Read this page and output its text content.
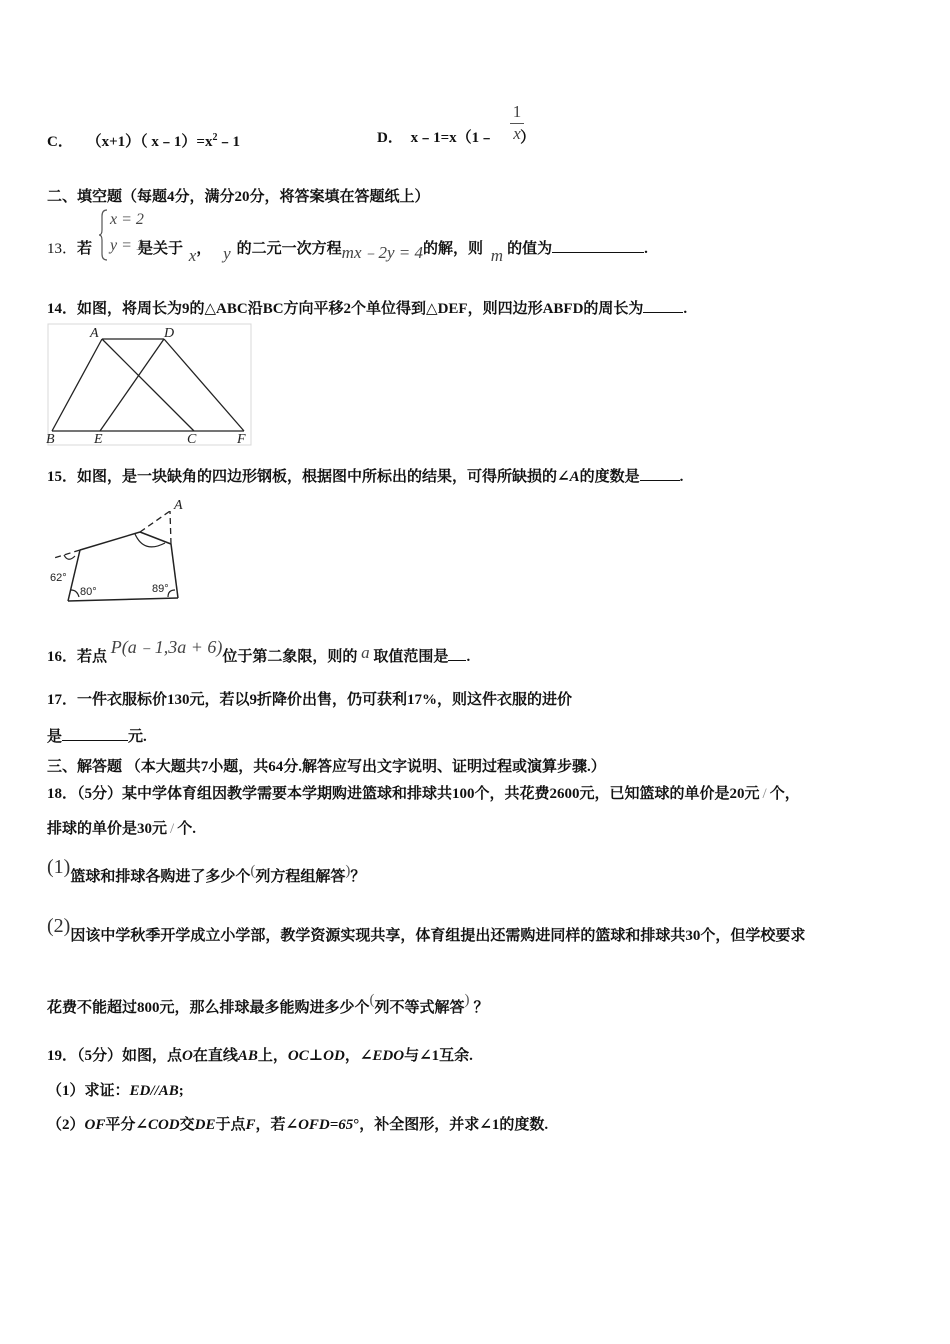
C． （x+1）（ $x﹣1)=x^2﹣1$	D． x﹣1=x（1﹣ ）
1
x
二、填空题（每题4分，满分20分，将答案填在答题纸上）
13．若	是关于 x， y 的二元一次方程mx﹣2y = 4的解，则 m 的值为	.
x = 2
y = 1
14．如图，将周长为9的△ABC沿BC方向平移2个单位得到△DEF，则四边形ABFD的周长为	.
A	D
B	E	C	F
15．如图，是一块缺角的四边形钢板，根据图中所标出的结果，可得所缺损的∠A的度数是	.
A
62°
80°	89°
16．若点 P(a﹣1,3a + 6)位于第二象限，则的 a 取值范围是 .
17．一件衣服标价130元，若以9折降价出售，仍可获利17%，则这件衣服的进价
是	元.
三、解答题 （本大题共7小题，共64分.解答应写出文字说明、证明过程或演算步骤.）
18．（5分）某中学体育组因教学需要本学期购进篮球和排球共100个，共花费2600元，已知篮球的单价是20元 / 个，
排球的单价是30元 / 个.
(1)篮球和排球各购进了多少个(列方程组解答)？
(2)因该中学秋季开学成立小学部，教学资源实现共享，体育组提出还需购进同样的篮球和排球共30个，但学校要求
花费不能超过800元，那么排球最多能购进多少个(列不等式解答) ？
19．（5分）如图，点O在直线AB上，OC⊥OD，∠EDO与∠1互余.
（1）求证：ED//AB;
（2）OF平分∠COD交DE于点F，若∠OFD=65°，补全图形，并求∠1的度数.
